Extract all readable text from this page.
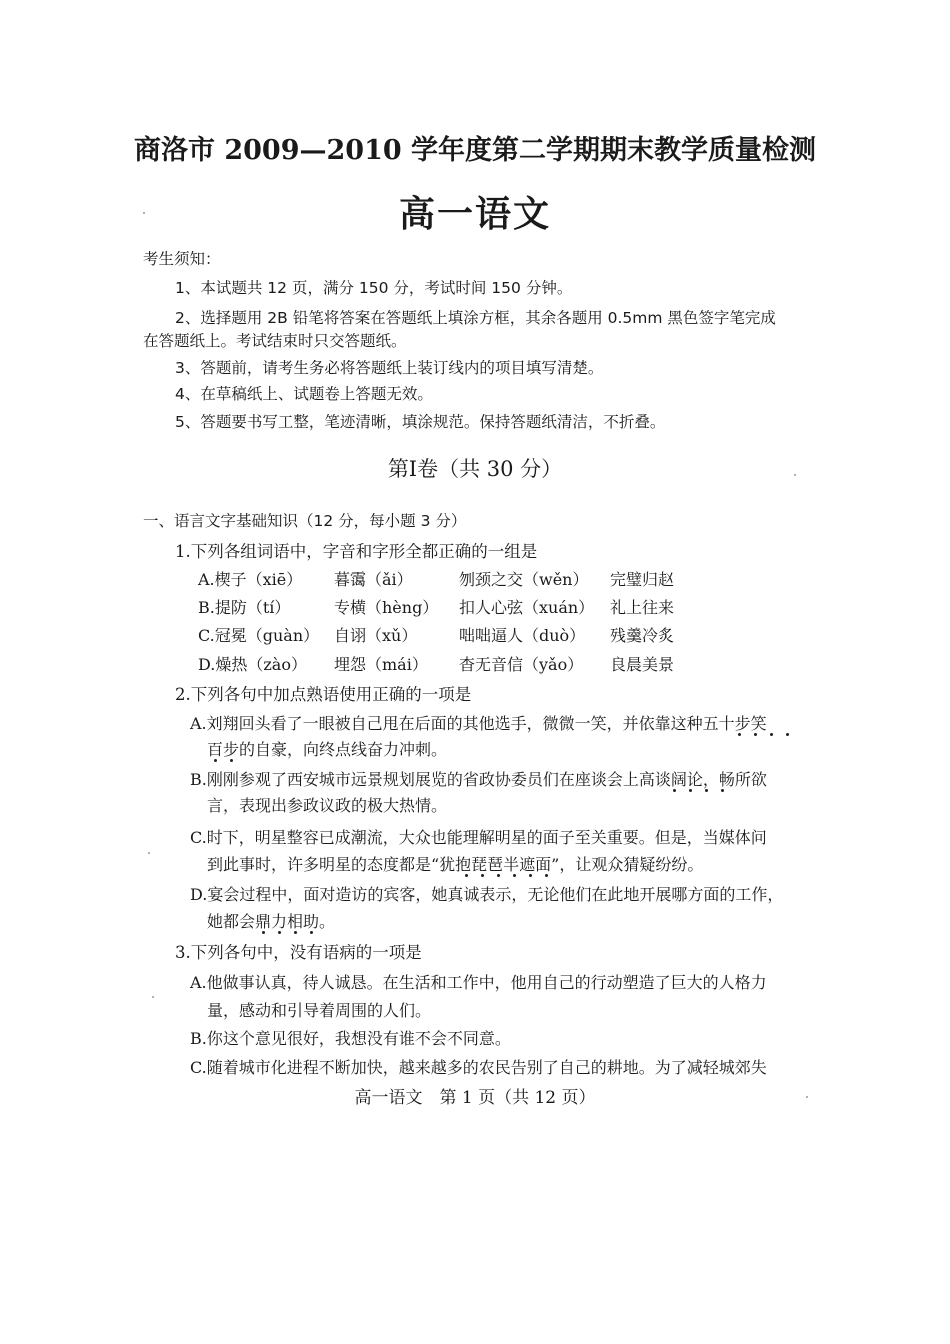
商洛市 2009—2010 学年度第二学期期末教学质量检测
高一语文
考生须知：
1、本试题共 12 页，满分 150 分，考试时间 150 分钟。
2、选择题用 2B 铅笔将答案在答题纸上填涂方框，其余各题用 0.5mm 黑色签字笔完成
在答题纸上。考试结束时只交答题纸。
3、答题前，请考生务必将答题纸上装订线内的项目填写清楚。
4、在草稿纸上、试题卷上答题无效。
5、答题要书写工整，笔迹清晰，填涂规范。保持答题纸清洁，不折叠。
第Ⅰ卷（共 30 分）
一、语言文字基础知识（12 分，每小题 3 分）
1.下列各组词语中，字音和字形全都正确的一组是
A.楔子（xiē） 暮霭（ǎi）	刎颈之交（wěn） 完璧归赵
B.提防（tí）	专横（hèng） 扣人心弦（xuán） 礼上往来
C.冠冕（guàn） 自诩（xǔ）	咄咄逼人（duò） 残羹冷炙
D.燥热（zào） 埋怨（mái） 杳无音信（yǎo） 良晨美景
2.下列各句中加点熟语使用正确的一项是
A.刘翔回头看了一眼被自己甩在后面的其他选手，微微一笑，并依靠这种五十步笑
百步的自豪，向终点线奋力冲刺。
B.刚刚参观了西安城市远景规划展览的省政协委员们在座谈会上高谈阔论，畅所欲
言，表现出参政议政的极大热情。
C.时下，明星整容已成潮流，大众也能理解明星的面子至关重要。但是，当媒体问
到此事时，许多明星的态度都是“犹抱琵琶半遮面”，让观众猜疑纷纷。
D.宴会过程中，面对造访的宾客，她真诚表示，无论他们在此地开展哪方面的工作，
她都会鼎力相助。
3.下列各句中，没有语病的一项是
A.他做事认真，待人诚恳。在生活和工作中，他用自己的行动塑造了巨大的人格力
量，感动和引导着周围的人们。
B.你这个意见很好，我想没有谁不会不同意。
C.随着城市化进程不断加快，越来越多的农民告别了自己的耕地。为了减轻城郊失
高一语文　第 1 页（共 12 页）
